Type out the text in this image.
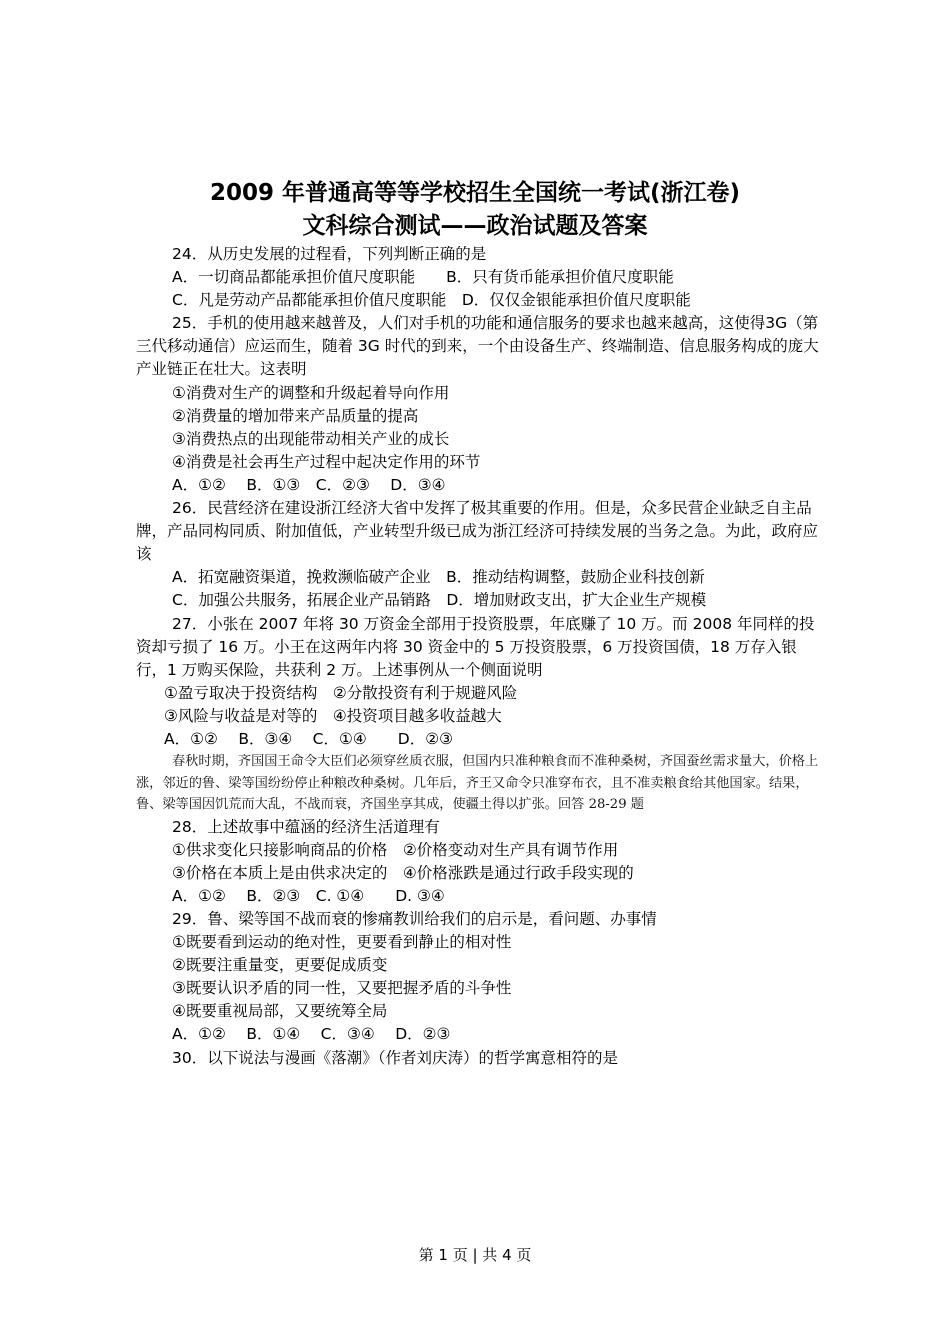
2009 年普通高等等学校招生全国统一考试(浙江卷)
文科综合测试——政治试题及答案
24．从历史发展的过程看，下列判断正确的是
A．一切商品都能承担价值尺度职能　　B．只有货币能承担价值尺度职能
C．凡是劳动产品都能承担价值尺度职能　D．仅仅金银能承担价值尺度职能
25．手机的使用越来越普及，人们对手机的功能和通信服务的要求也越来越高，这使得3G（第三代移动通信）应运而生，随着 3G 时代的到来，一个由设备生产、终端制造、信息服务构成的庞大产业链正在壮大。这表明
①消费对生产的调整和升级起着导向作用
②消费量的增加带来产品质量的提高
③消费热点的出现能带动相关产业的成长
④消费是社会再生产过程中起决定作用的环节
A．①②　 B．①③　C．②③　 D．③④
26．民营经济在建设浙江经济大省中发挥了极其重要的作用。但是，众多民营企业缺乏自主品牌，产品同构同质、附加值低，产业转型升级已成为浙江经济可持续发展的当务之急。为此，政府应该
A．拓宽融资渠道，挽救濒临破产企业　B．推动结构调整，鼓励企业科技创新
C．加强公共服务，拓展企业产品销路　D．增加财政支出，扩大企业生产规模
27．小张在 2007 年将 30 万资金全部用于投资股票，年底赚了 10 万。而 2008 年同样的投资却亏损了 16 万。小王在这两年内将 30 资金中的 5 万投资股票，6 万投资国债，18 万存入银行，1 万购买保险，共获利 2 万。上述事例从一个侧面说明
①盈亏取决于投资结构　②分散投资有利于规避风险
③风险与收益是对等的　④投资项目越多收益越大
A．①②　 B．③④　 C．①④　　D．②③
春秋时期，齐国国王命令大臣们必须穿丝质衣服，但国内只准种粮食而不准种桑树，齐国蚕丝需求量大，价格上涨，邻近的鲁、梁等国纷纷停止种粮改种桑树。几年后，齐王又命令只准穿布衣，且不准卖粮食给其他国家。结果，鲁、梁等国因饥荒而大乱，不战而衰，齐国坐享其成，使疆土得以扩张。回答 28-29 题
28．上述故事中蕴涵的经济生活道理有
①供求变化只接影响商品的价格　②价格变动对生产具有调节作用
③价格在本质上是由供求决定的　④价格涨跌是通过行政手段实现的
A．①②　 B．②③　C. ①④　　D. ③④
29．鲁、梁等国不战而衰的惨痛教训给我们的启示是，看问题、办事情
①既要看到运动的绝对性，更要看到静止的相对性
②既要注重量变，更要促成质变
③既要认识矛盾的同一性，又要把握矛盾的斗争性
④既要重视局部，又要统筹全局
A．①②　 B．①④　 C．③④　 D．②③
30．以下说法与漫画《落潮》（作者刘庆涛）的哲学寓意相符的是
第 1 页 | 共 4 页
